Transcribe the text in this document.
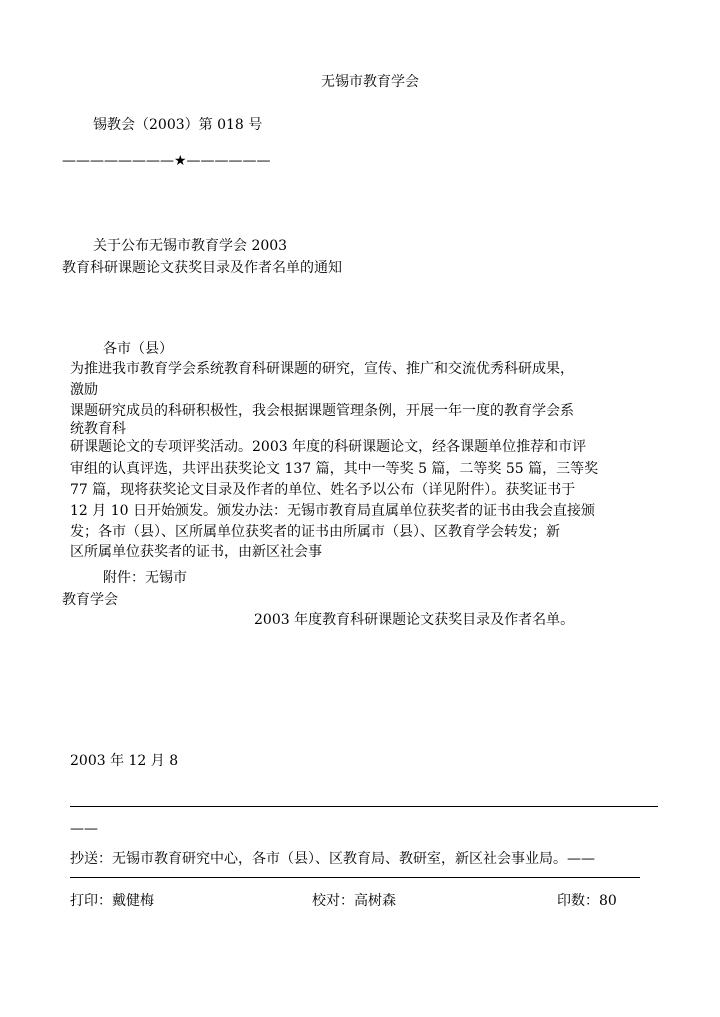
无锡市教育学会
锡教会（2003）第 018 号
————————★——————
关于公布无锡市教育学会 2003
教育科研课题论文获奖目录及作者名单的通知
各市（县）
为推进我市教育学会系统教育科研课题的研究，宣传、推广和交流优秀科研成果，
激励
课题研究成员的科研积极性，我会根据课题管理条例，开展一年一度的教育学会系
统教育科
研课题论文的专项评奖活动。2003 年度的科研课题论文，经各课题单位推荐和市评
审组的认真评选，共评出获奖论文 137 篇，其中一等奖 5 篇，二等奖 55 篇，三等奖
77 篇，现将获奖论文目录及作者的单位、姓名予以公布（详见附件）。获奖证书于
12 月 10 日开始颁发。颁发办法：无锡市教育局直属单位获奖者的证书由我会直接颁
发；各市（县）、区所属单位获奖者的证书由所属市（县）、区教育学会转发；新
区所属单位获奖者的证书，由新区社会事
附件：无锡市
教育学会
2003 年度教育科研课题论文获奖目录及作者名单。
2003 年 12 月 8
——
抄送：无锡市教育研究中心，各市（县）、区教育局、教研室，新区社会事业局。——
打印：戴健梅	校对：高树森	印数：80
